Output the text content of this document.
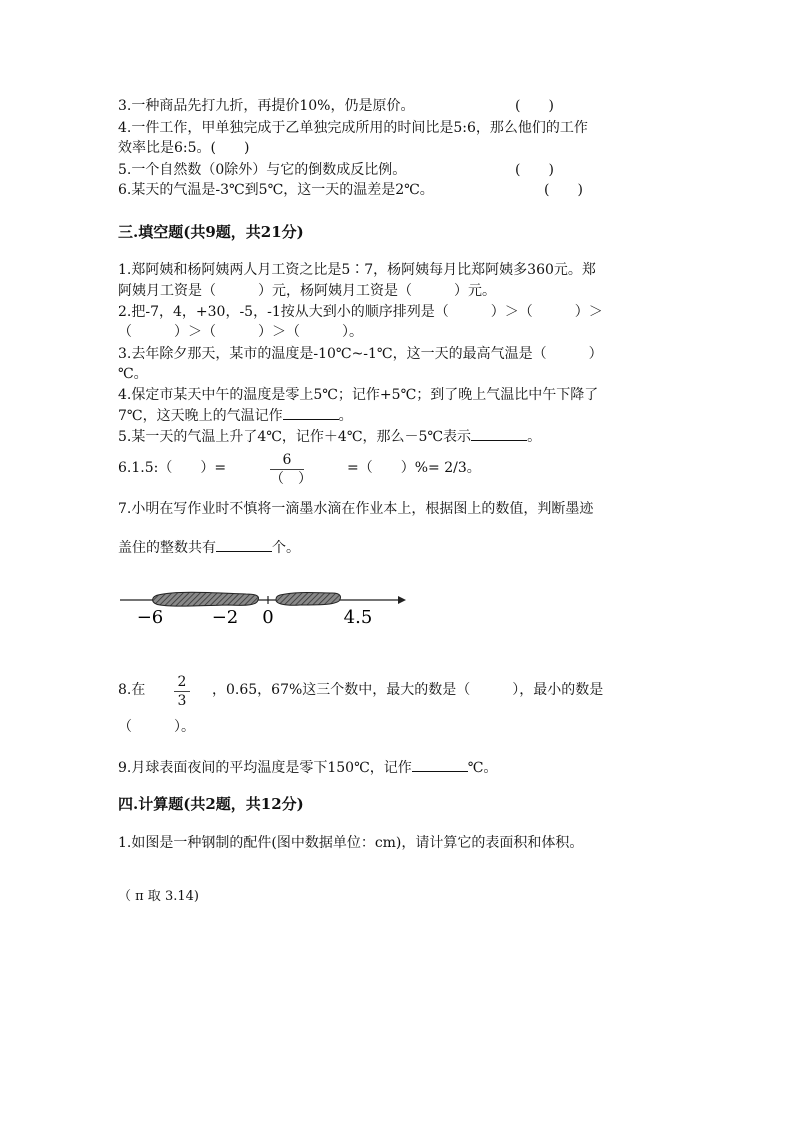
3.一种商品先打九折，再提价10%，仍是原价。	(　　)
4.一件工作，甲单独完成于乙单独完成所用的时间比是5:6，那么他们的工作
效率比是6:5。(　　)
5.一个自然数（0除外）与它的倒数成反比例。	(　　)
6.某天的气温是-3℃到5℃，这一天的温差是2℃。	(　　)
三.填空题(共9题，共21分)
1.郑阿姨和杨阿姨两人月工资之比是5∶7，杨阿姨每月比郑阿姨多360元。郑
阿姨月工资是（　　　）元，杨阿姨月工资是（　　　）元。
2.把-7，4，+30，-5，-1按从大到小的顺序排列是（　　　）＞（　　　）＞
（　　　）＞（　　　）＞（　　　）。
3.去年除夕那天，某市的温度是-10℃~-1℃，这一天的最高气温是（　　　）
℃。
4.保定市某天中午的温度是零上5℃；记作+5℃；到了晚上气温比中午下降了
7℃，这天晚上的气温记作	。
5.某一天的气温上升了4℃，记作＋4℃，那么－5℃表示	。
6.1.5:（　　）=	6
（　）
=（　　）%= 2/3。
7.小明在写作业时不慎将一滴墨水滴在作业本上，根据图上的数值，判断墨迹
盖住的整数共有	个。
−6	−2 0	4.5
8.在 2
3
，0.65，67%这三个数中，最大的数是（　　　），最小的数是
（　　　）。
9.月球表面夜间的平均温度是零下150℃，记作	℃。
四.计算题(共2题，共12分)
1.如图是一种钢制的配件(图中数据单位：cm)，请计算它的表面积和体积。
（ π 取 3.14)
